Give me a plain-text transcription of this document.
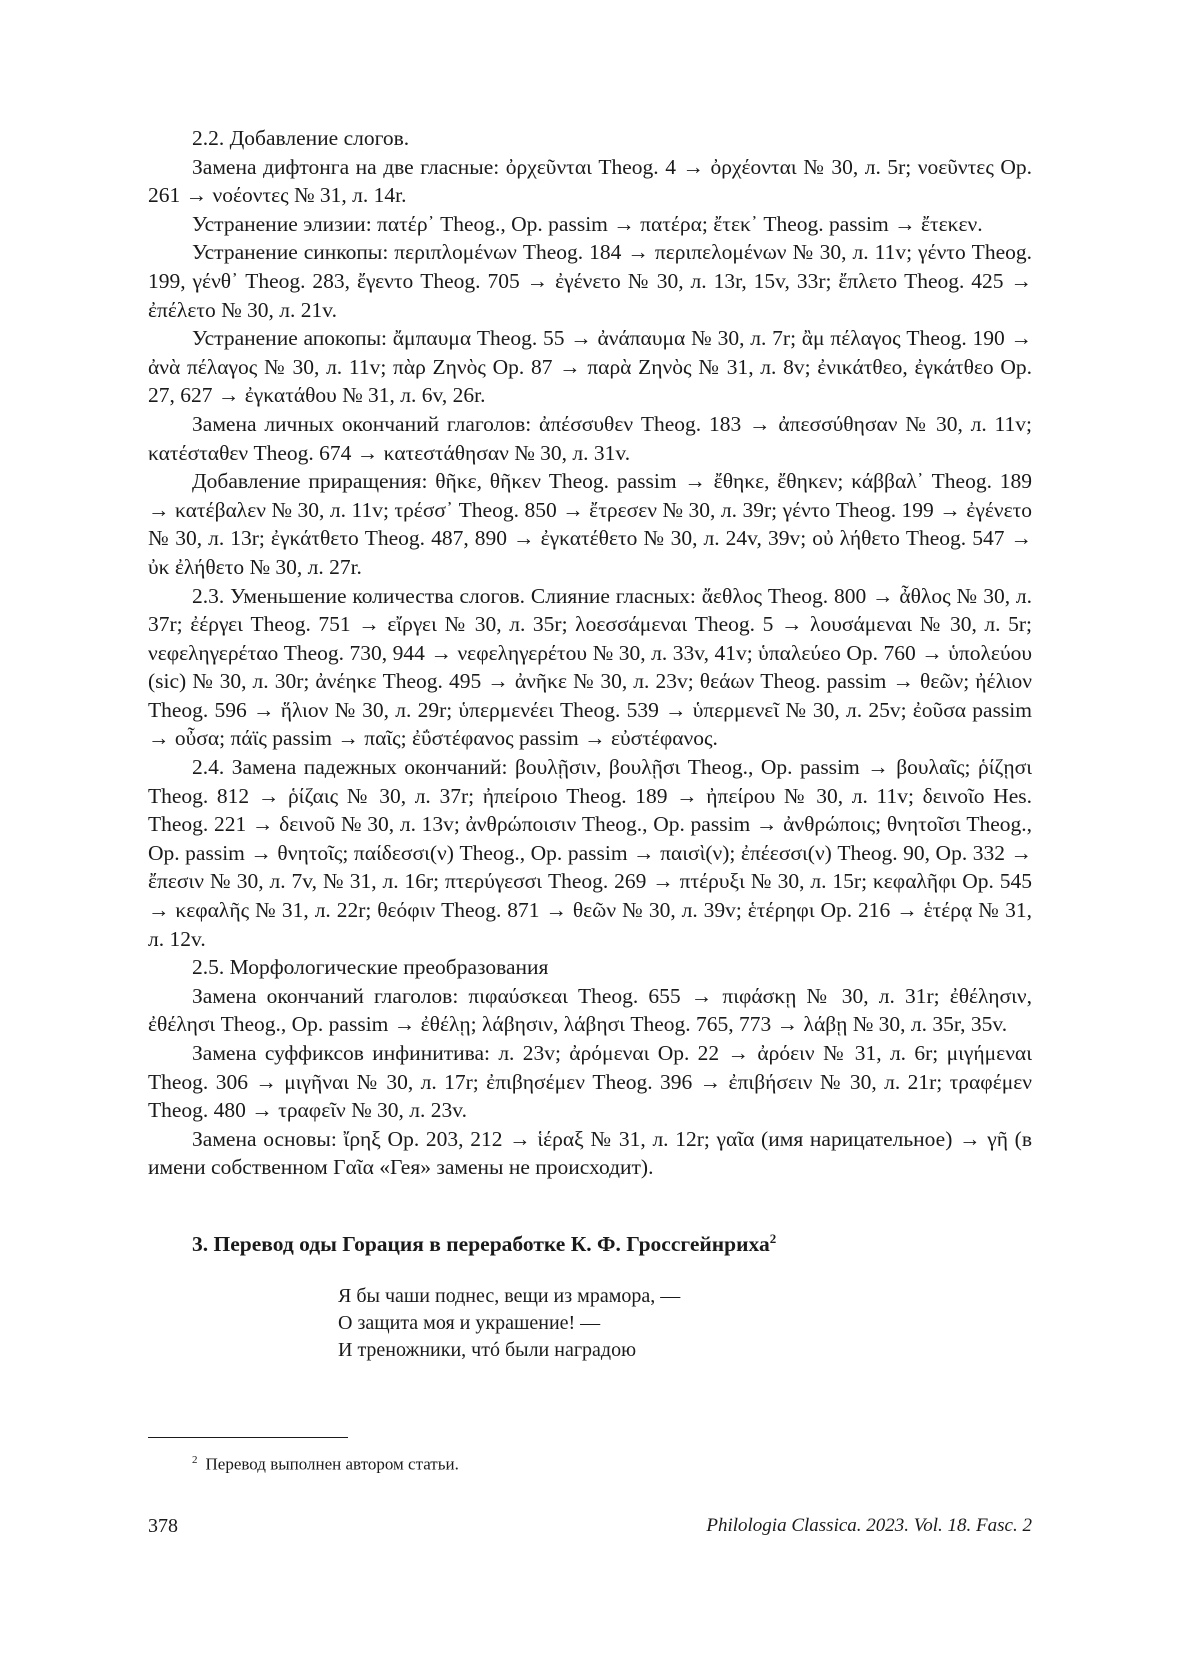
2.2. Добавление слогов.

Замена дифтонга на две гласные: ὀρχεῦνται Theog. 4 → ὀρχέονται № 30, л. 5r; νοεῦντες Op. 261 → νοέοντες № 31, л. 14r.

Устранение элизии: πατέρ᾿ Theog., Op. passim → πατέρα; ἔτεκ᾿ Theog. passim → ἔτεκεν.

Устранение синкопы: περιπλομένων Theog. 184 → περιπελομένων № 30, л. 11v; γέντο Theog. 199, γένθ᾿ Theog. 283, ἔγεντο Theog. 705 → ἐγένετο № 30, л. 13r, 15v, 33r; ἔπλετο Theog. 425 → ἐπέλετο № 30, л. 21v.

Устранение апокопы: ἄμπαυμα Theog. 55 → ἀνάπαυμα № 30, л. 7r; ἂμ πέλαγος Theog. 190 → ἀνὰ πέλαγος № 30, л. 11v; πὰρ Ζηνὸς Op. 87 → παρὰ Ζηνὸς № 31, л. 8v; ἐνικάτθεο, ἐγκάτθεο Op. 27, 627 → ἐγκατάθου № 31, л. 6v, 26r.

Замена личных окончаний глаголов: ἀπέσσυθεν Theog. 183 → ἀπεσσύθησαν № 30, л. 11v; κατέσταθεν Theog. 674 → κατεστάθησαν № 30, л. 31v.

Добавление приращения: θῆκε, θῆκεν Theog. passim → ἔθηκε, ἔθηκεν; κάββαλ᾿ Theog. 189 → κατέβαλεν № 30, л. 11v; τρέσσ᾿ Theog. 850 → ἔτρεσεν № 30, л. 39r; γέντο Theog. 199 → ἐγένετο № 30, л. 13r; ἐγκάτθετο Theog. 487, 890 → ἐγκατέθετο № 30, л. 24v, 39v; οὐ λήθετο Theog. 547 → ὐκ ἐλήθετο № 30, л. 27r.

2.3. Уменьшение количества слогов. Слияние гласных: ἄεθλος Theog. 800 → ἆθλος № 30, л. 37r; ἐέργει Theog. 751 → εἴργει № 30, л. 35r; λοεσσάμεναι Theog. 5 → λουσάμεναι № 30, л. 5r; νεφεληγερέταο Theog. 730, 944 → νεφεληγερέτου № 30, л. 33v, 41v; ὑπαλεύεο Op. 760 → ὑπολεύου (sic) № 30, л. 30r; ἀνέηκε Theog. 495 → ἀνῆκε № 30, л. 23v; θεάων Theog. passim → θεῶν; ἠέλιον Theog. 596 → ἥλιον № 30, л. 29r; ὑπερμενέει Theog. 539 → ὑπερμενεῖ № 30, л. 25v; ἐοῦσα passim → οὖσα; πάϊς passim → παῖς; ἐΰστέφανος passim → εὐστέφανος.

2.4. Замена падежных окончаний: βουλῇσιν, βουλῇσι Theog., Op. passim → βουλαῖς; ῥίζῃσι Theog. 812 → ῥίζαις № 30, л. 37r; ἠπείροιο Theog. 189 → ἠπείρου № 30, л. 11v; δεινοῖο Hes. Theog. 221 → δεινοῦ № 30, л. 13v; ἀνθρώποισιν Theog., Op. passim → ἀνθρώποις; θνητοῖσι Theog., Op. passim → θνητοῖς; παίδεσσι(ν) Theog., Op. passim → παισὶ(ν); ἐπέεσσι(ν) Theog. 90, Op. 332 → ἔπεσιν № 30, л. 7v, № 31, л. 16r; πτερύγεσσι Theog. 269 → πτέρυξι № 30, л. 15r; κεφαλῆφι Op. 545 → κεφαλῆς № 31, л. 22r; θεόφιν Theog. 871 → θεῶν № 30, л. 39v; ἑτέρηφι Op. 216 → ἑτέρᾳ № 31, л. 12v.

2.5. Морфологические преобразования

Замена окончаний глаголов: πιφαύσκεαι Theog. 655 → πιφάσκῃ № 30, л. 31r; ἐθέλησιν, ἐθέλησι Theog., Op. passim → ἐθέλῃ; λάβησιν, λάβησι Theog. 765, 773 → λάβῃ № 30, л. 35r, 35v.

Замена суффиксов инфинитива: л. 23v; ἀρόμεναι Op. 22 → ἀρόειν № 31, л. 6r; μιγήμεναι Theog. 306 → μιγῆναι № 30, л. 17r; ἐπιβησέμεν Theog. 396 → ἐπιβήσειν № 30, л. 21r; τραφέμεν Theog. 480 → τραφεῖν № 30, л. 23v.

Замена основы: ἴρηξ Op. 203, 212 → ἱέραξ № 31, л. 12r; γαῖα (имя нарицательное) → γῆ (в имени собственном Γαῖα «Гея» замены не происходит).

3. Перевод оды Горация в переработке К. Ф. Гроссгейнриха$^2$
Я бы чаши поднес, вещи из мрамора, —
О защита моя и украшение! —
И треножники, чтó были наградою
$^2$ Перевод выполнен автором статьи.
378	Philologia Classica. 2023. Vol. 18. Fasc. 2
